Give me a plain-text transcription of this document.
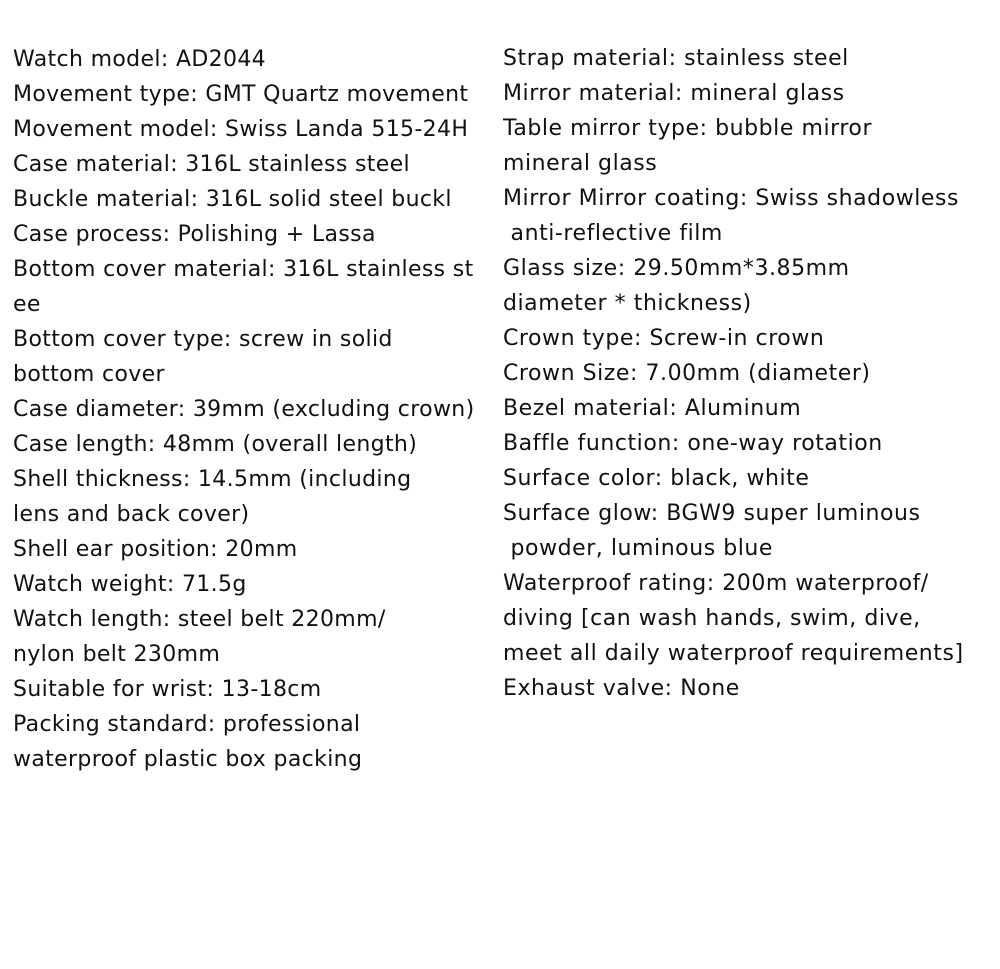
Watch model: AD2044
Movement type: GMT Quartz movement
Movement model: Swiss Landa 515-24H
Case material: 316L stainless steel
Buckle material: 316L solid steel buckl
Case process: Polishing + Lassa
Bottom cover material: 316L stainless st
ee
Bottom cover type: screw in solid
bottom cover
Case diameter: 39mm (excluding crown)
Case length: 48mm (overall length)
Shell thickness: 14.5mm (including
lens and back cover)
Shell ear position: 20mm
Watch weight: 71.5g
Watch length: steel belt 220mm/
nylon belt 230mm
Suitable for wrist: 13-18cm
Packing standard: professional
waterproof plastic box packing
Strap material: stainless steel
Mirror material: mineral glass
Table mirror type: bubble mirror
mineral glass
Mirror Mirror coating: Swiss shadowless
anti-reflective film
Glass size: 29.50mm*3.85mm
diameter * thickness)
Crown type: Screw-in crown
Crown Size: 7.00mm (diameter)
Bezel material: Aluminum
Baffle function: one-way rotation
Surface color: black, white
Surface glow: BGW9 super luminous
powder, luminous blue
Waterproof rating: 200m waterproof/
diving [can wash hands, swim, dive,
meet all daily waterproof requirements]
Exhaust valve: None
